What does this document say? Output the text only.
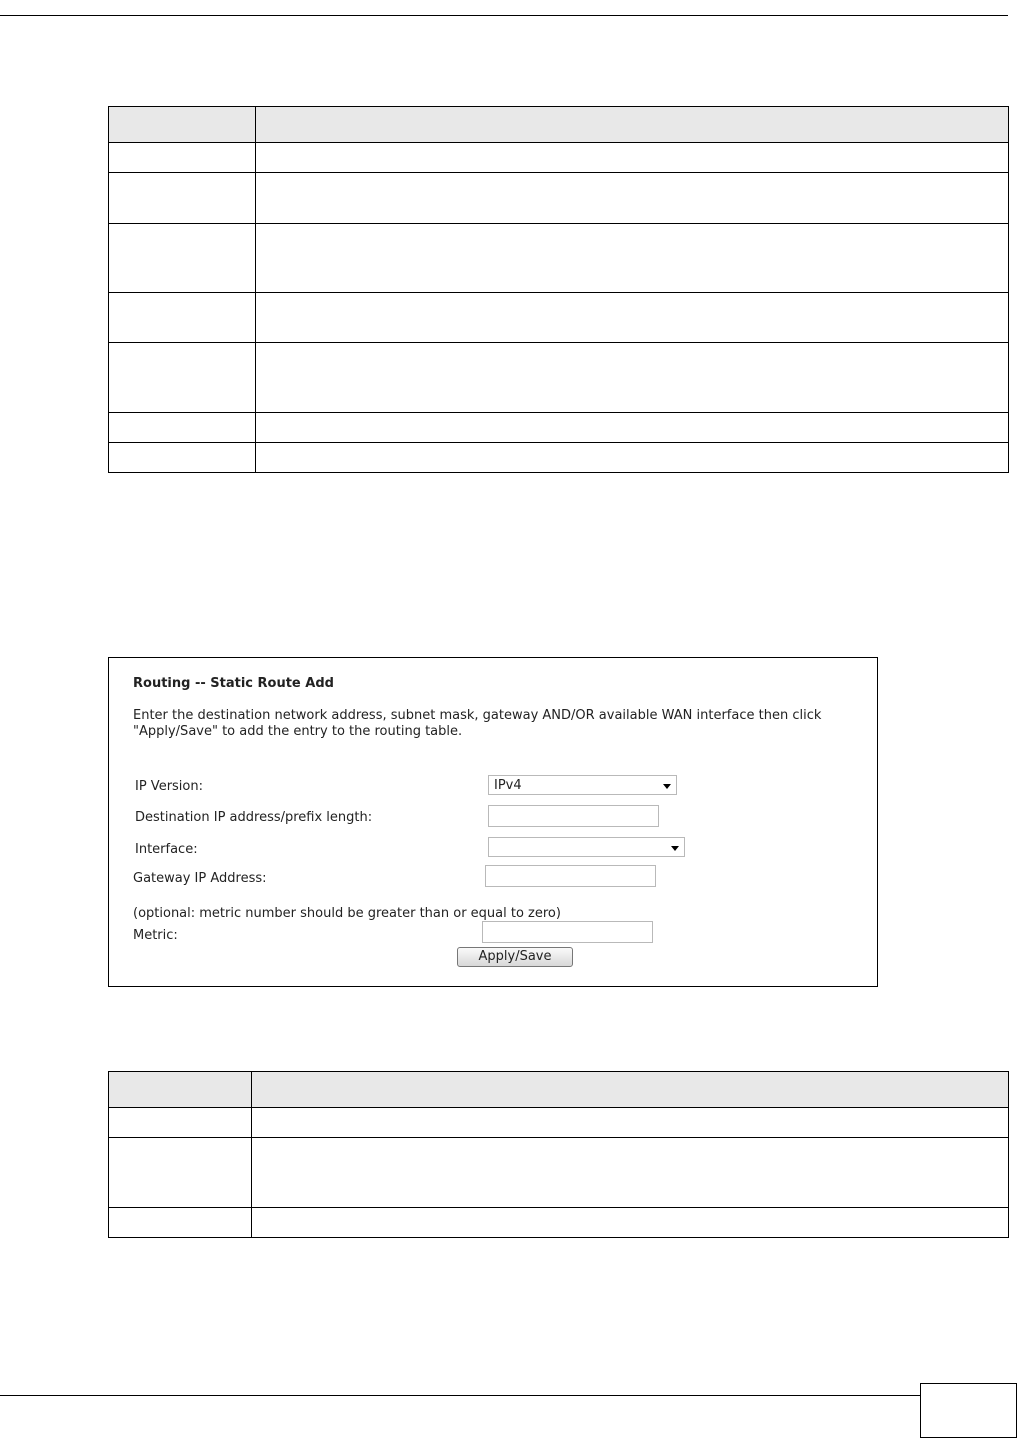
Routing -- Static Route Add
Enter the destination network address, subnet mask, gateway AND/OR available WAN interface then click "Apply/Save" to add the entry to the routing table.
IP Version:	IPv4
Destination IP address/prefix length:
Interface:
Gateway IP Address:
(optional: metric number should be greater than or equal to zero)
Metric:
Apply/Save
